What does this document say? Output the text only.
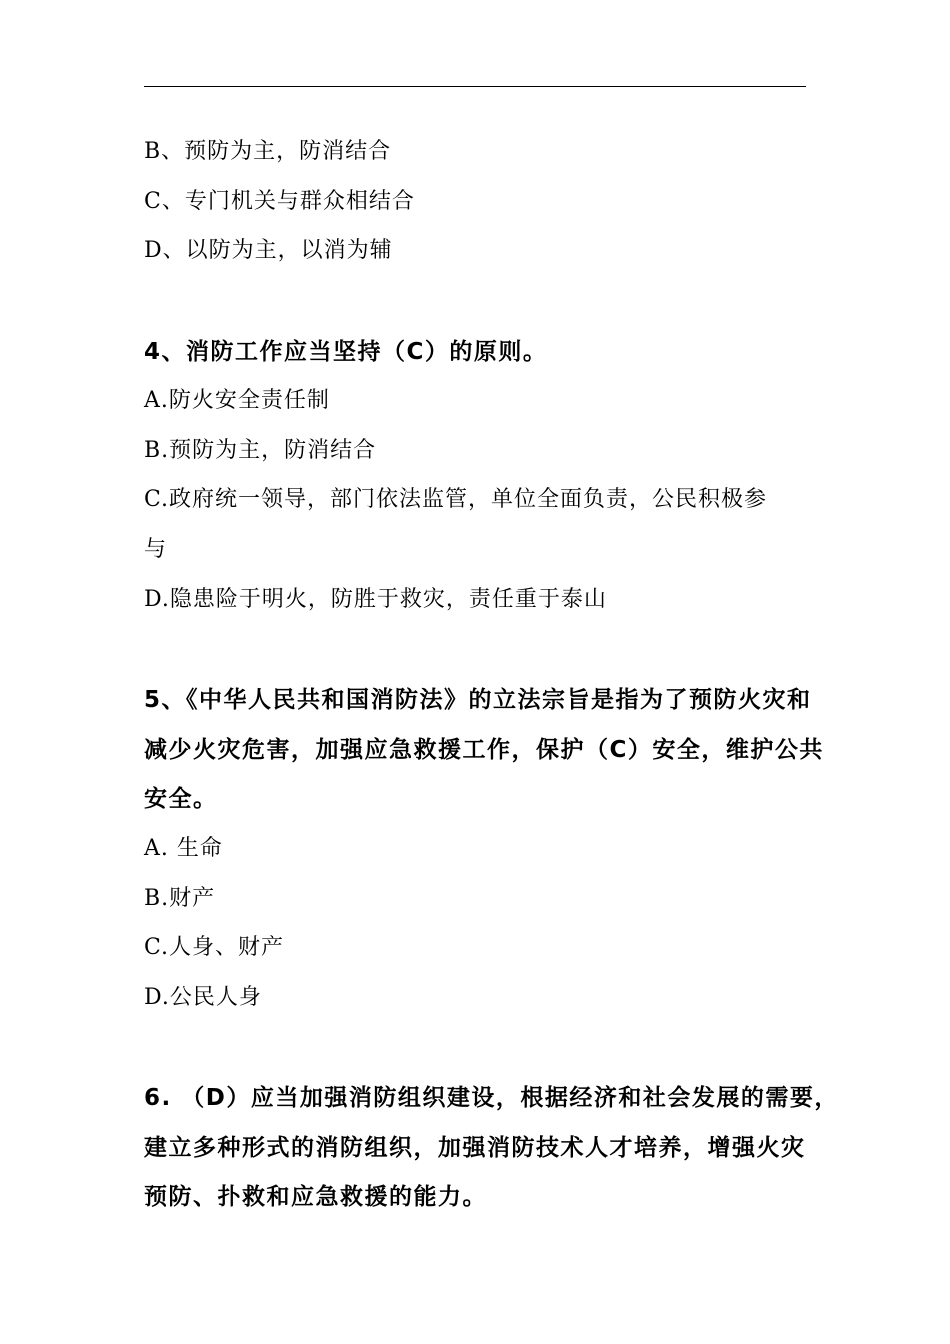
B、预防为主，防消结合
C、专门机关与群众相结合
D、以防为主，以消为辅
4、消防工作应当坚持（C）的原则。
A.防火安全责任制
B.预防为主，防消结合
C.政府统一领导，部门依法监管，单位全面负责，公民积极参
与
D.隐患险于明火，防胜于救灾，责任重于泰山
5、《中华人民共和国消防法》的立法宗旨是指为了预防火灾和
减少火灾危害，加强应急救援工作，保护（C）安全，维护公共
安全。
A. 生命
B.财产
C.人身、财产
D.公民人身
6. （D）应当加强消防组织建设，根据经济和社会发展的需要，
建立多种形式的消防组织，加强消防技术人才培养，增强火灾
预防、扑救和应急救援的能力。
